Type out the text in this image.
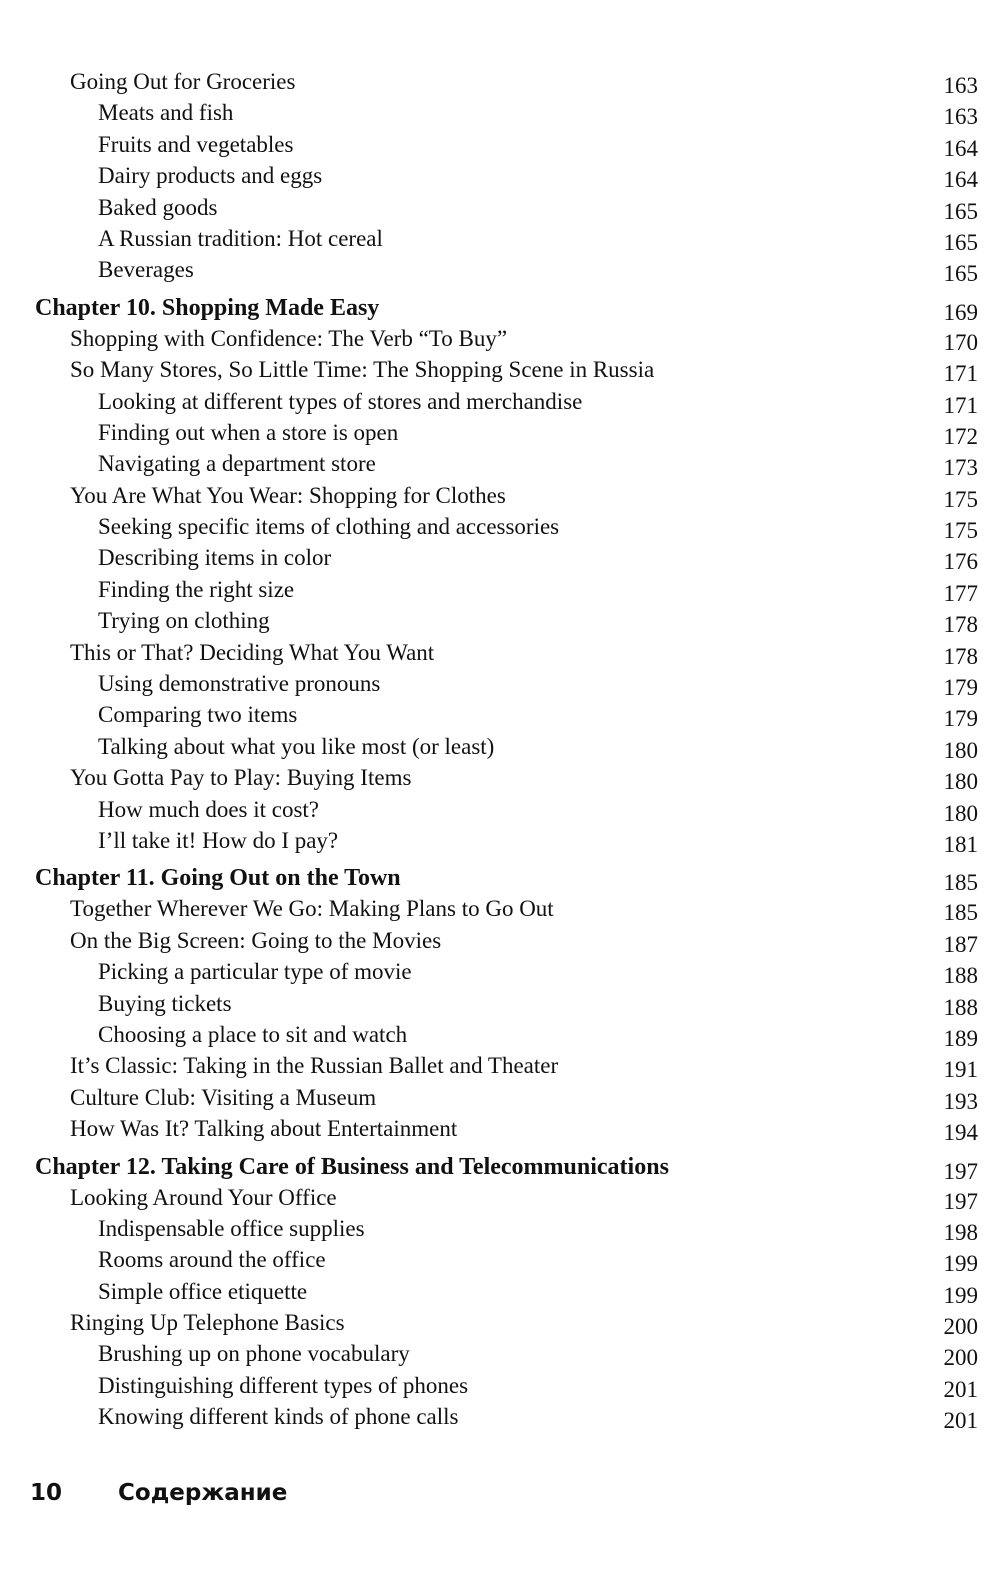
Going Out for Groceries	163
Meats and fish	163
Fruits and vegetables	164
Dairy products and eggs	164
Baked goods	165
A Russian tradition: Hot cereal	165
Beverages	165
Chapter 10. Shopping Made Easy	169
Shopping with Confidence: The Verb “To Buy”	170
So Many Stores, So Little Time: The Shopping Scene in Russia	171
Looking at different types of stores and merchandise	171
Finding out when a store is open	172
Navigating a department store	173
You Are What You Wear: Shopping for Clothes	175
Seeking specific items of clothing and accessories	175
Describing items in color	176
Finding the right size	177
Trying on clothing	178
This or That? Deciding What You Want	178
Using demonstrative pronouns	179
Comparing two items	179
Talking about what you like most (or least)	180
You Gotta Pay to Play: Buying Items	180
How much does it cost?	180
I’ll take it! How do I pay?	181
Chapter 11. Going Out on the Town	185
Together Wherever We Go: Making Plans to Go Out	185
On the Big Screen: Going to the Movies	187
Picking a particular type of movie	188
Buying tickets	188
Choosing a place to sit and watch	189
It’s Classic: Taking in the Russian Ballet and Theater	191
Culture Club: Visiting a Museum	193
How Was It? Talking about Entertainment	194
Chapter 12. Taking Care of Business and Telecommunications	197
Looking Around Your Office	197
Indispensable office supplies	198
Rooms around the office	199
Simple office etiquette	199
Ringing Up Telephone Basics	200
Brushing up on phone vocabulary	200
Distinguishing different types of phones	201
Knowing different kinds of phone calls	201
10 Содержание
